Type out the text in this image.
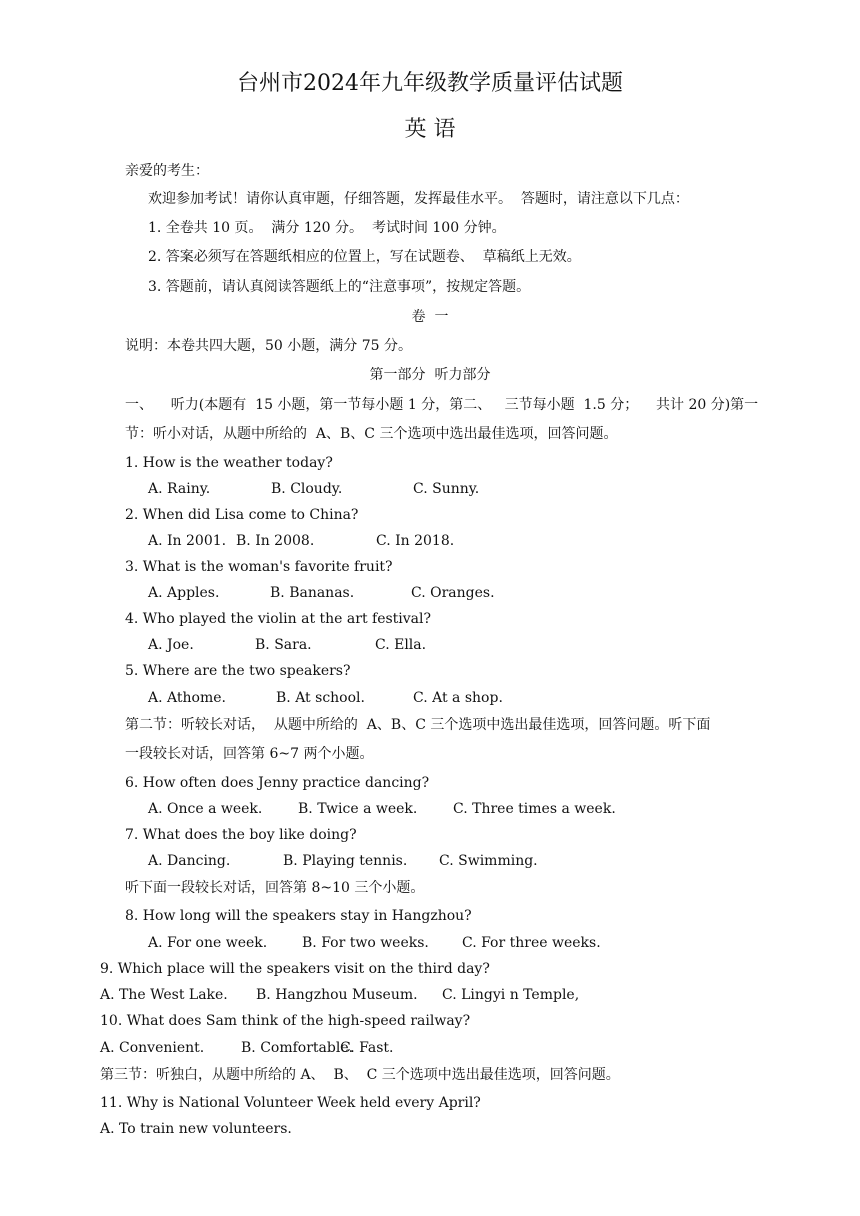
台州市2024年九年级教学质量评估试题
英 语
亲爱的考生：
欢迎参加考试！请你认真审题，仔细答题，发挥最佳水平。  答题时，请注意以下几点：
1. 全卷共 10 页。  满分 120 分。  考试时间 100 分钟。
2. 答案必须写在答题纸相应的位置上，写在试题卷、  草稿纸上无效。
3. 答题前，请认真阅读答题纸上的“注意事项”，按规定答题。
卷  一
说明：本卷共四大题，50 小题，满分 75 分。
第一部分  听力部分
一、    听力(本题有  15 小题，第一节每小题 1 分，第二、   三节每小题  1.5 分；    共计 20 分)第一
节：听小对话，从题中所给的  A、B、C 三个选项中选出最佳选项，回答问题。
1. How is the weather today?
A. Rainy.	B. Cloudy.	C. Sunny.
2. When did Lisa come to China?
A. In 2001. B. In 2008.	C. In 2018.
3. What is the woman's favorite fruit?
A. Apples.	B. Bananas.	C. Oranges.
4. Who played the violin at the art festival?
A. Joe.	B. Sara.	C. Ella.
5. Where are the two speakers?
A. Athome.	B. At school.	C. At a shop.
第二节：听较长对话，  从题中所给的  A、B、C 三个选项中选出最佳选项，回答问题。听下面
一段较长对话，回答第 6~7 两个小题。
6. How often does Jenny practice dancing?
A. Once a week.	B. Twice a week.	C. Three times a week.
7. What does the boy like doing?
A. Dancing.	B. Playing tennis. C. Swimming.
听下面一段较长对话，回答第 8~10 三个小题。
8. How long will the speakers stay in Hangzhou?
A. For one week. B. For two weeks. C. For three weeks.
9. Which place will the speakers visit on the third day?
A. The West Lake. B. Hangzhou Museum. C. Lingyi n Temple,
10. What does Sam think of the high-speed railway?
A. Convenient.	B. Comfortable.
C. Fast.
第三节：听独白，从题中所给的 A、  B、  C 三个选项中选出最佳选项，回答问题。
11. Why is National Volunteer Week held every April?
A. To train new volunteers.
